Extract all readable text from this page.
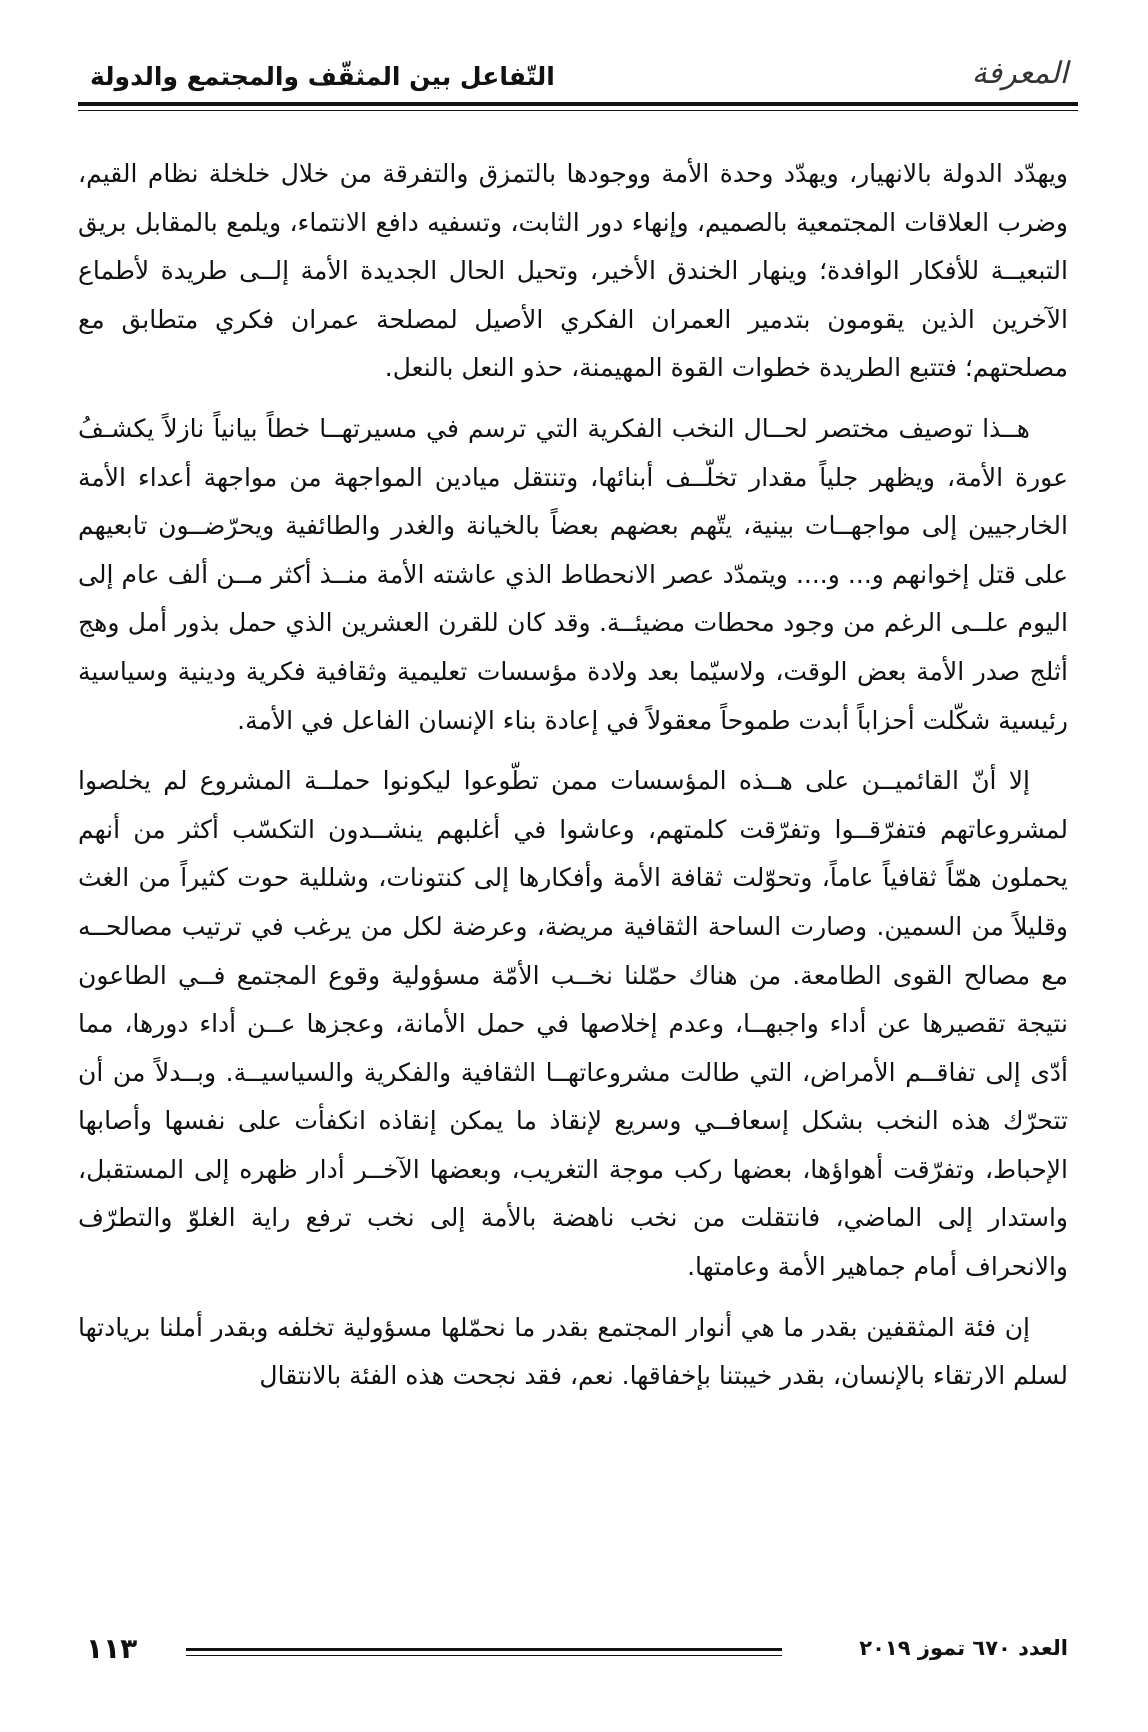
المعرفة
التّفاعل بين المثقّف والمجتمع والدولة

ويهدّد الدولة بالانهيار، ويهدّد وحدة الأمة ووجودها بالتمزق والتفرقة من خلال خلخلة نظام القيم، وضرب العلاقات المجتمعية بالصميم، وإنهاء دور الثابت، وتسفيه دافع الانتماء، ويلمع بالمقابل بريق التبعيــة للأفكار الوافدة؛ وينهار الخندق الأخير، وتحيل الحال الجديدة الأمة إلــى طريدة لأطماع الآخرين الذين يقومون بتدمير العمران الفكري الأصيل لمصلحة عمران فكري متطابق مع مصلحتهم؛ فتتبع الطريدة خطوات القوة المهيمنة، حذو النعل بالنعل.

هــذا توصيف مختصر لحــال النخب الفكرية التي ترسم في مسيرتهــا خطاً بيانياً نازلاً يكشـفُ عورة الأمة، ويظهر جلياً مقدار تخلّــف أبنائها، وتنتقل ميادين المواجهة من مواجهة أعداء الأمة الخارجيين إلى مواجهــات بينية، يتّهم بعضهم بعضاً بالخيانة والغدر والطائفية ويحرّضــون تابعيهم على قتل إخوانهم و... و.... ويتمدّد عصر الانحطاط الذي عاشته الأمة منــذ أكثر مــن ألف عام إلى اليوم علــى الرغم من وجود محطات مضيئــة. وقد كان للقرن العشرين الذي حمل بذور أمل وهج أثلج صدر الأمة بعض الوقت، ولاسيّما بعد ولادة مؤسسات تعليمية وثقافية فكرية ودينية وسياسية رئيسية شكّلت أحزاباً أبدت طموحاً معقولاً في إعادة بناء الإنسان الفاعل في الأمة.

إلا أنّ القائميــن على هــذه المؤسسات ممن تطّوعوا ليكونوا حملــة المشروع لم يخلصوا لمشروعاتهم فتفرّقــوا وتفرّقت كلمتهم، وعاشوا في أغلبهم ينشــدون التكسّب أكثر من أنهم يحملون همّاً ثقافياً عاماً، وتحوّلت ثقافة الأمة وأفكارها إلى كنتونات، وشللية حوت كثيراً من الغث وقليلاً من السمين. وصارت الساحة الثقافية مريضة، وعرضة لكل من يرغب في ترتيب مصالحــه مع مصالح القوى الطامعة. من هناك حمّلنا نخــب الأمّة مسؤولية وقوع المجتمع فــي الطاعون نتيجة تقصيرها عن أداء واجبهــا، وعدم إخلاصها في حمل الأمانة، وعجزها عــن أداء دورها، مما أدّى إلى تفاقــم الأمراض، التي طالت مشروعاتهــا الثقافية والفكرية والسياسيــة. وبــدلاً من أن تتحرّك هذه النخب بشكل إسعافــي وسريع لإنقاذ ما يمكن إنقاذه انكفأت على نفسها وأصابها الإحباط، وتفرّقت أهواؤها، بعضها ركب موجة التغريب، وبعضها الآخــر أدار ظهره إلى المستقبل، واستدار إلى الماضي، فانتقلت من نخب ناهضة بالأمة إلى نخب ترفع راية الغلوّ والتطرّف والانحراف أمام جماهير الأمة وعامتها.

إن فئة المثقفين بقدر ما هي أنوار المجتمع بقدر ما نحمّلها مسؤولية تخلفه وبقدر أملنا بريادتها لسلم الارتقاء بالإنسان، بقدر خيبتنا بإخفاقها. نعم، فقد نجحت هذه الفئة بالانتقال

العدد ٦٧٠ تموز ٢٠١٩
١١٣
